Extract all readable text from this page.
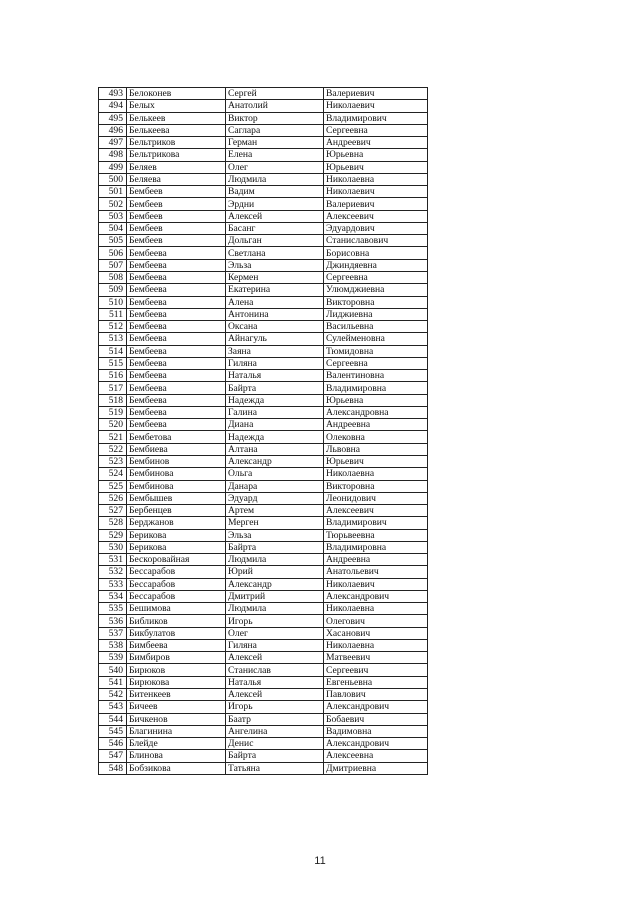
493	Белоконев	Сергей	Валериевич
494	Белых	Анатолий	Николаевич
495	Белькеев	Виктор	Владимирович
496	Белькеева	Саглара	Сергеевна
497	Бельтриков	Герман	Андреевич
498	Бельтрикова	Елена	Юрьевна
499	Беляев	Олег	Юрьевич
500	Беляева	Людмила	Николаевна
501	Бембеев	Вадим	Николаевич
502	Бембеев	Эрдни	Валериевич
503	Бембеев	Алексей	Алексеевич
504	Бембеев	Басанг	Эдуардович
505	Бембеев	Дольган	Станиславович
506	Бембеева	Светлана	Борисовна
507	Бембеева	Эльза	Джиндяевна
508	Бембеева	Кермен	Сергеевна
509	Бембеева	Екатерина	Улюмджиевна
510	Бембеева	Алена	Викторовна
511	Бембеева	Антонина	Лиджиевна
512	Бембеева	Оксана	Васильевна
513	Бембеева	Айнагуль	Сулейменовна
514	Бембеева	Заяна	Тюмидовна
515	Бембеева	Гиляна	Сергеевна
516	Бембеева	Наталья	Валентиновна
517	Бембеева	Байрта	Владимировна
518	Бембеева	Надежда	Юрьевна
519	Бембеева	Галина	Александровна
520	Бембеева	Диана	Андреевна
521	Бембетова	Надежда	Олековна
522	Бембиева	Алтана	Львовна
523	Бембинов	Александр	Юрьевич
524	Бембинова	Ольга	Николаевна
525	Бембинова	Данара	Викторовна
526	Бембышев	Эдуард	Леонидович
527	Бербенцев	Артем	Алексеевич
528	Берджанов	Мерген	Владимирович
529	Берикова	Эльза	Тюрьвеевна
530	Берикова	Байрта	Владимировна
531	Бескоровайная	Людмила	Андреевна
532	Бессарабов	Юрий	Анатольевич
533	Бессарабов	Александр	Николаевич
534	Бессарабов	Дмитрий	Александрович
535	Бешимова	Людмила	Николаевна
536	Библиков	Игорь	Олегович
537	Бикбулатов	Олег	Хасанович
538	Бимбеева	Гиляна	Николаевна
539	Бимбиров	Алексей	Матвеевич
540	Бирюков	Станислав	Сергеевич
541	Бирюкова	Наталья	Евгеньевна
542	Битенкеев	Алексей	Павлович
543	Бичеев	Игорь	Александрович
544	Бичкенов	Баатр	Бобаевич
545	Благинина	Ангелина	Вадимовна
546	Блейде	Денис	Александрович
547	Блинова	Байрта	Алексеевна
548	Бобзикова	Татьяна	Дмитриевна
11
